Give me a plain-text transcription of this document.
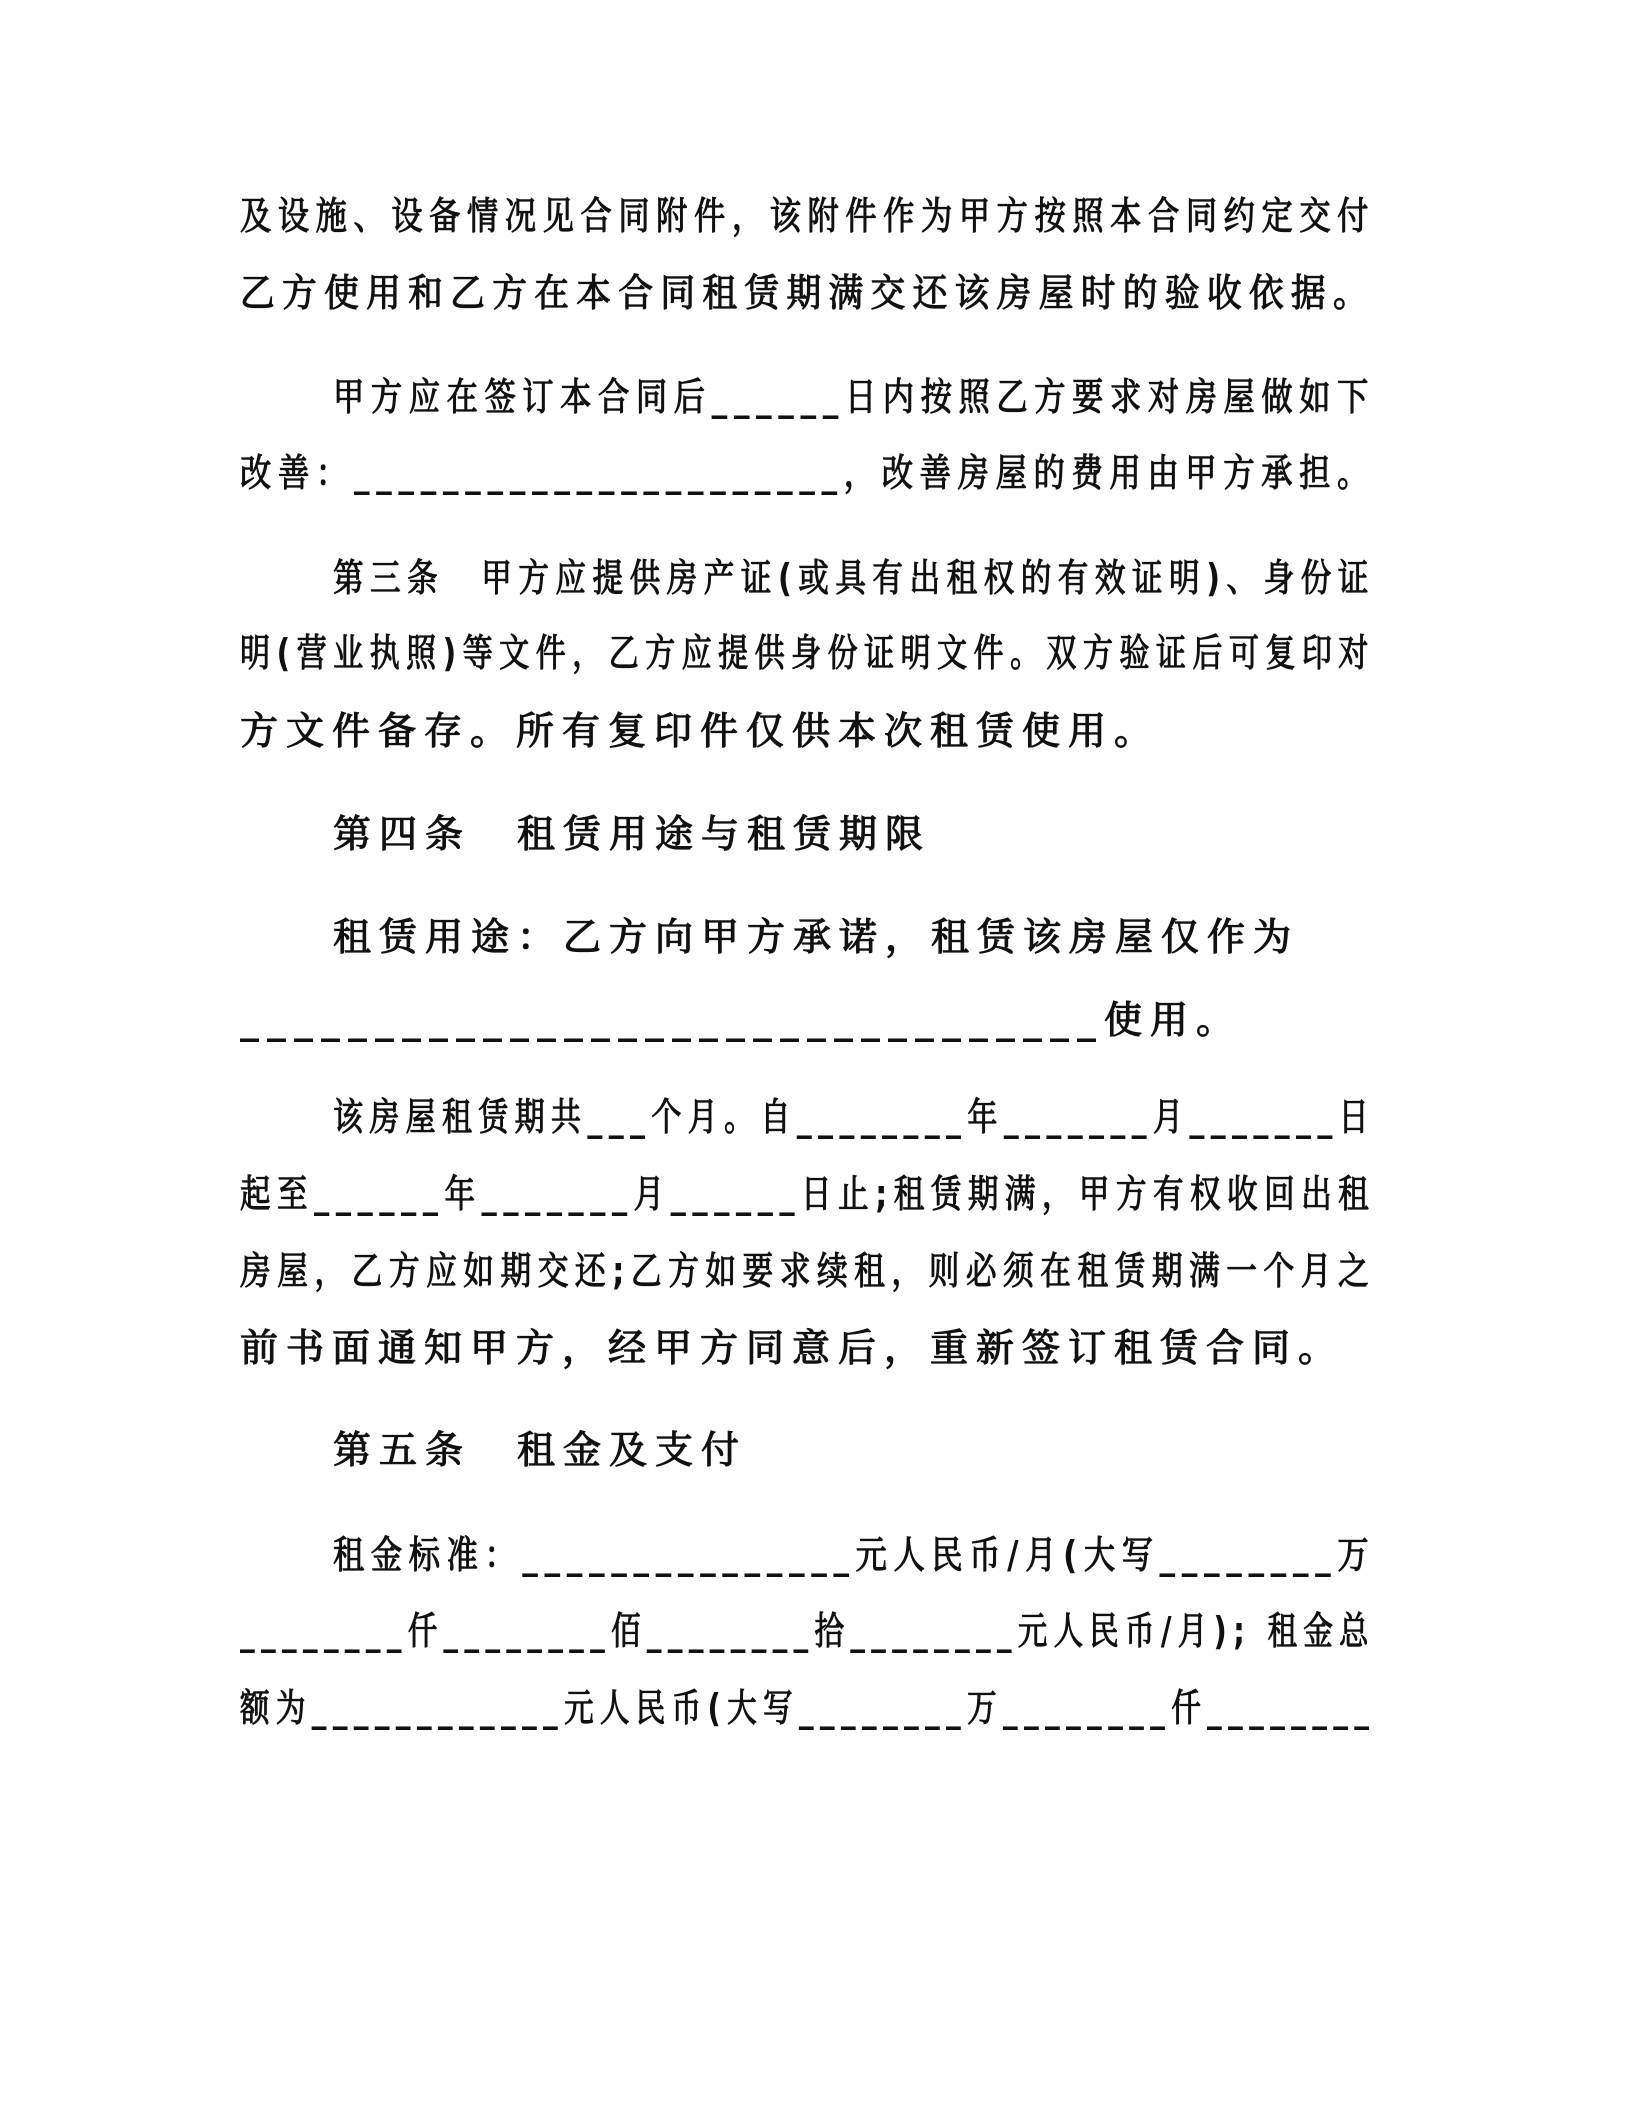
及设施、设备情况见合同附件，该附件作为甲方按照本合同约定交付
乙方使用和乙方在本合同租赁期满交还该房屋时的验收依据。
甲方应在签订本合同后______日内按照乙方要求对房屋做如下
改善：______________________，改善房屋的费用由甲方承担。
第三条　甲方应提供房产证(或具有出租权的有效证明)、身份证
明(营业执照)等文件，乙方应提供身份证明文件。双方验证后可复印对
方文件备存。所有复印件仅供本次租赁使用。
第四条　租赁用途与租赁期限
租赁用途：乙方向甲方承诺，租赁该房屋仅作为
________________________________使用。
该房屋租赁期共___个月。自________年_______月_______日
起至______年_______月______日止;租赁期满，甲方有权收回出租
房屋，乙方应如期交还;乙方如要求续租，则必须在租赁期满一个月之
前书面通知甲方，经甲方同意后，重新签订租赁合同。
第五条　租金及支付
租金标准：_______________元人民币/月(大写________万
________仟________佰________拾________元人民币/月); 租金总
额为____________元人民币(大写________万________仟________
